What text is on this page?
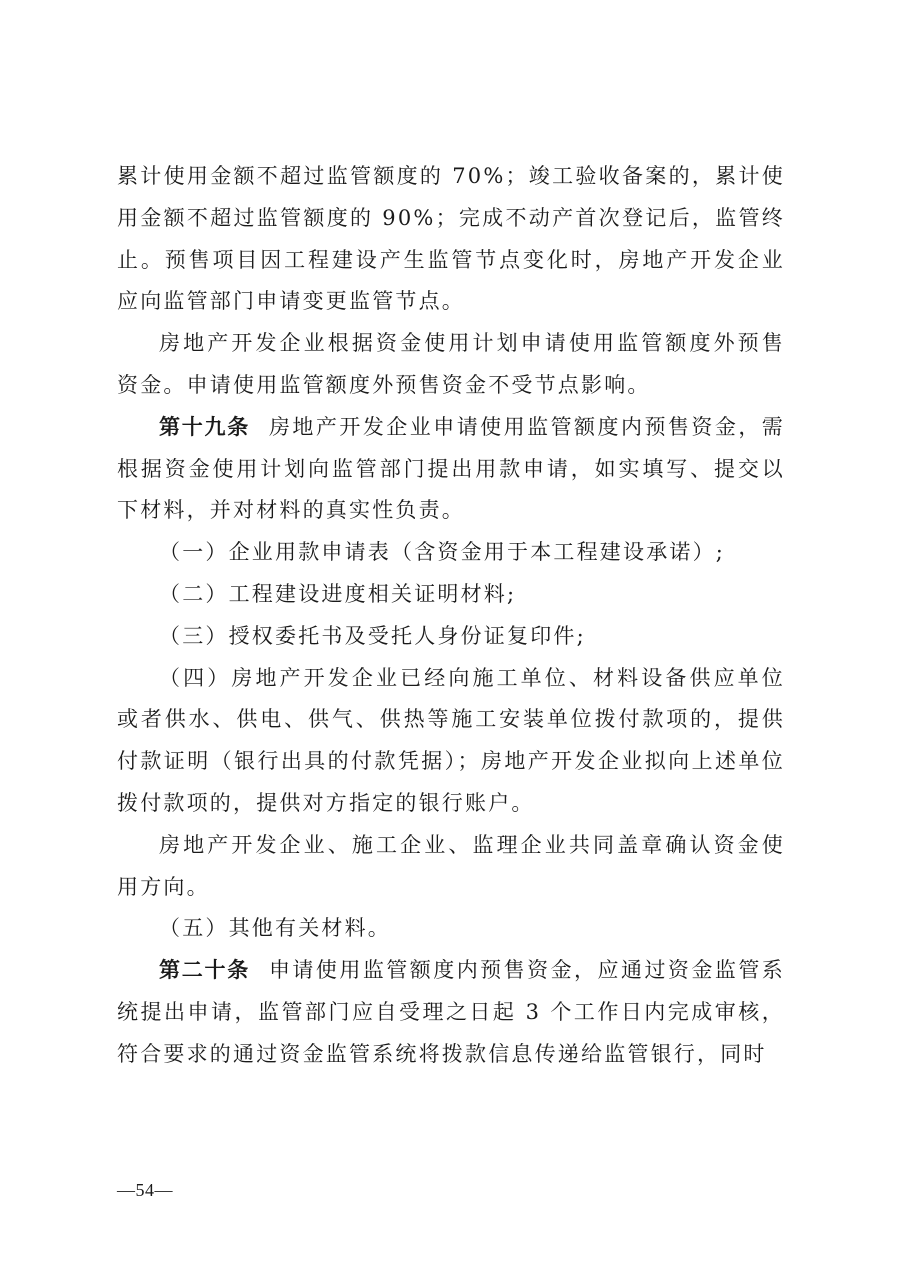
累计使用金额不超过监管额度的 70%；竣工验收备案的，累计使用金额不超过监管额度的 90%；完成不动产首次登记后，监管终止。预售项目因工程建设产生监管节点变化时，房地产开发企业应向监管部门申请变更监管节点。

房地产开发企业根据资金使用计划申请使用监管额度外预售资金。申请使用监管额度外预售资金不受节点影响。

第十九条 房地产开发企业申请使用监管额度内预售资金，需根据资金使用计划向监管部门提出用款申请，如实填写、提交以下材料，并对材料的真实性负责。

（一）企业用款申请表（含资金用于本工程建设承诺）;

（二）工程建设进度相关证明材料;

（三）授权委托书及受托人身份证复印件;

（四）房地产开发企业已经向施工单位、材料设备供应单位或者供水、供电、供气、供热等施工安装单位拨付款项的，提供付款证明（银行出具的付款凭据）；房地产开发企业拟向上述单位拨付款项的，提供对方指定的银行账户。

房地产开发企业、施工企业、监理企业共同盖章确认资金使用方向。

（五）其他有关材料。

第二十条 申请使用监管额度内预售资金，应通过资金监管系统提出申请，监管部门应自受理之日起 3 个工作日内完成审核，符合要求的通过资金监管系统将拨款信息传递给监管银行，同时

—54—
